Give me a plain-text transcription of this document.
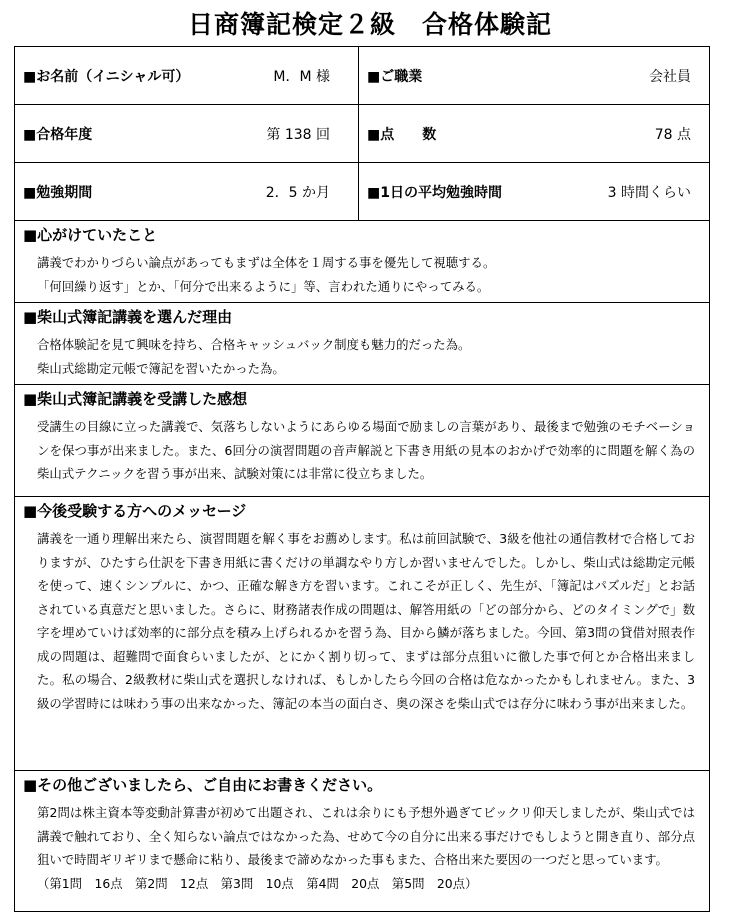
日商簿記検定２級　合格体験記
■お名前（イニシャル可）	M．M 様	■ご職業	会社員
■合格年度	第 138 回	■点　　数	78 点
■勉強期間	2．5 か月	■1日の平均勉強時間	3 時間くらい
■心がけていたこと

講義でわかりづらい論点があってもまずは全体を１周する事を優先して視聴する。

「何回繰り返す」とか、「何分で出来るように」等、言われた通りにやってみる。

■柴山式簿記講義を選んだ理由

合格体験記を見て興味を持ち、合格キャッシュバック制度も魅力的だった為。

柴山式総勘定元帳で簿記を習いたかった為。

■柴山式簿記講義を受講した感想

受講生の目線に立った講義で、気落ちしないようにあらゆる場面で励ましの言葉があり、最後まで勉強のモチベーションを保つ事が出来ました。また、6回分の演習問題の音声解説と下書き用紙の見本のおかげで効率的に問題を解く為の柴山式テクニックを習う事が出来、試験対策には非常に役立ちました。

■今後受験する方へのメッセージ

講義を一通り理解出来たら、演習問題を解く事をお薦めします。私は前回試験で、3級を他社の通信教材で合格しておりますが、ひたすら仕訳を下書き用紙に書くだけの単調なやり方しか習いませんでした。しかし、柴山式は総勘定元帳を使って、速くシンプルに、かつ、正確な解き方を習います。これこそが正しく、先生が、「簿記はパズルだ」とお話されている真意だと思いました。さらに、財務諸表作成の問題は、解答用紙の「どの部分から、どのタイミングで」数字を埋めていけば効率的に部分点を積み上げられるかを習う為、目から鱗が落ちました。今回、第3問の貸借対照表作成の問題は、超難問で面食らいましたが、とにかく割り切って、まずは部分点狙いに徹した事で何とか合格出来ました。私の場合、2級教材に柴山式を選択しなければ、もしかしたら今回の合格は危なかったかもしれません。また、3級の学習時には味わう事の出来なかった、簿記の本当の面白さ、奥の深さを柴山式では存分に味わう事が出来ました。

■その他ございましたら、ご自由にお書きください。

第2問は株主資本等変動計算書が初めて出題され、これは余りにも予想外過ぎてビックリ仰天しましたが、柴山式では講義で触れており、全く知らない論点ではなかった為、せめて今の自分に出来る事だけでもしようと開き直り、部分点狙いで時間ギリギリまで懸命に粘り、最後まで諦めなかった事もまた、合格出来た要因の一つだと思っています。

（第1問　16点　第2問　12点　第3問　10点　第4問　20点　第5問　20点）
